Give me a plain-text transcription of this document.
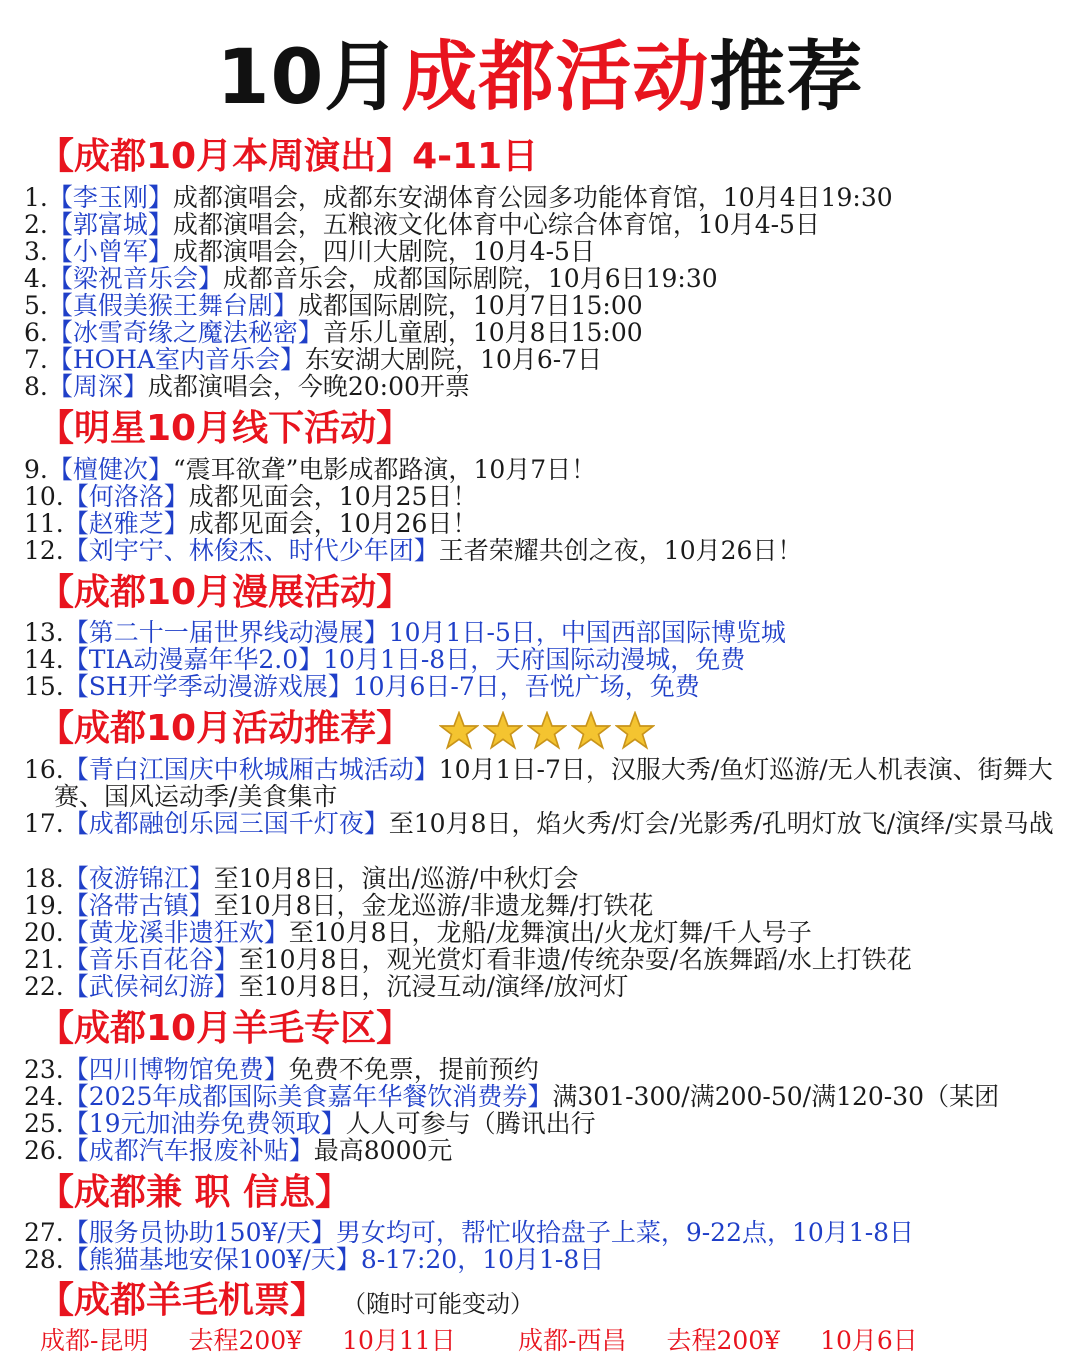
10月成都活动推荐
【成都10月本周演出】4-11日
1.【李玉刚】成都演唱会，成都东安湖体育公园多功能体育馆，10月4日19:30
2.【郭富城】成都演唱会，五粮液文化体育中心综合体育馆，10月4-5日
3.【小曾军】成都演唱会，四川大剧院，10月4-5日
4.【梁祝音乐会】成都音乐会，成都国际剧院，10月6日19:30
5.【真假美猴王舞台剧】成都国际剧院，10月7日15:00
6.【冰雪奇缘之魔法秘密】音乐儿童剧，10月8日15:00
7.【HOHA室内音乐会】东安湖大剧院，10月6-7日
8.【周深】成都演唱会，今晚20:00开票
【明星10月线下活动】
9.【檀健次】“震耳欲聋”电影成都路演，10月7日！
10.【何洛洛】成都见面会，10月25日！
11.【赵雅芝】成都见面会，10月26日！
12.【刘宇宁、林俊杰、时代少年团】王者荣耀共创之夜，10月26日！
【成都10月漫展活动】
13.【第二十一届世界线动漫展】10月1日-5日，中国西部国际博览城
14.【TIA动漫嘉年华2.0】10月1日-8日，天府国际动漫城，免费
15.【SH开学季动漫游戏展】10月6日-7日，吾悦广场，免费
【成都10月活动推荐】
16.【青白江国庆中秋城厢古城活动】10月1日-7日，汉服大秀/鱼灯巡游/无人机表演、街舞大赛、国风运动季/美食集市
17.【成都融创乐园三国千灯夜】至10月8日，焰火秀/灯会/光影秀/孔明灯放飞/演绎/实景马战
18.【夜游锦江】至10月8日，演出/巡游/中秋灯会
19.【洛带古镇】至10月8日，金龙巡游/非遗龙舞/打铁花
20.【黄龙溪非遗狂欢】至10月8日，龙船/龙舞演出/火龙灯舞/千人号子
21.【音乐百花谷】至10月8日，观光赏灯看非遗/传统杂耍/名族舞蹈/水上打铁花
22.【武侯祠幻游】至10月8日，沉浸互动/演绎/放河灯
【成都10月羊毛专区】
23.【四川博物馆免费】免费不免票，提前预约
24.【2025年成都国际美食嘉年华餐饮消费券】满301-300/满200-50/满120-30（某团
25.【19元加油券免费领取】人人可参与（腾讯出行
26.【成都汽车报废补贴】最高8000元
【成都兼 职 信息】
27.【服务员协助150¥/天】男女均可，帮忙收拾盘子上菜，9-22点，10月1-8日
28.【熊猫基地安保100¥/天】8-17:20，10月1-8日
【成都羊毛机票】 （随时可能变动）
成都-昆明 去程200¥ 10月11日	成都-西昌 去程200¥ 10月6日
